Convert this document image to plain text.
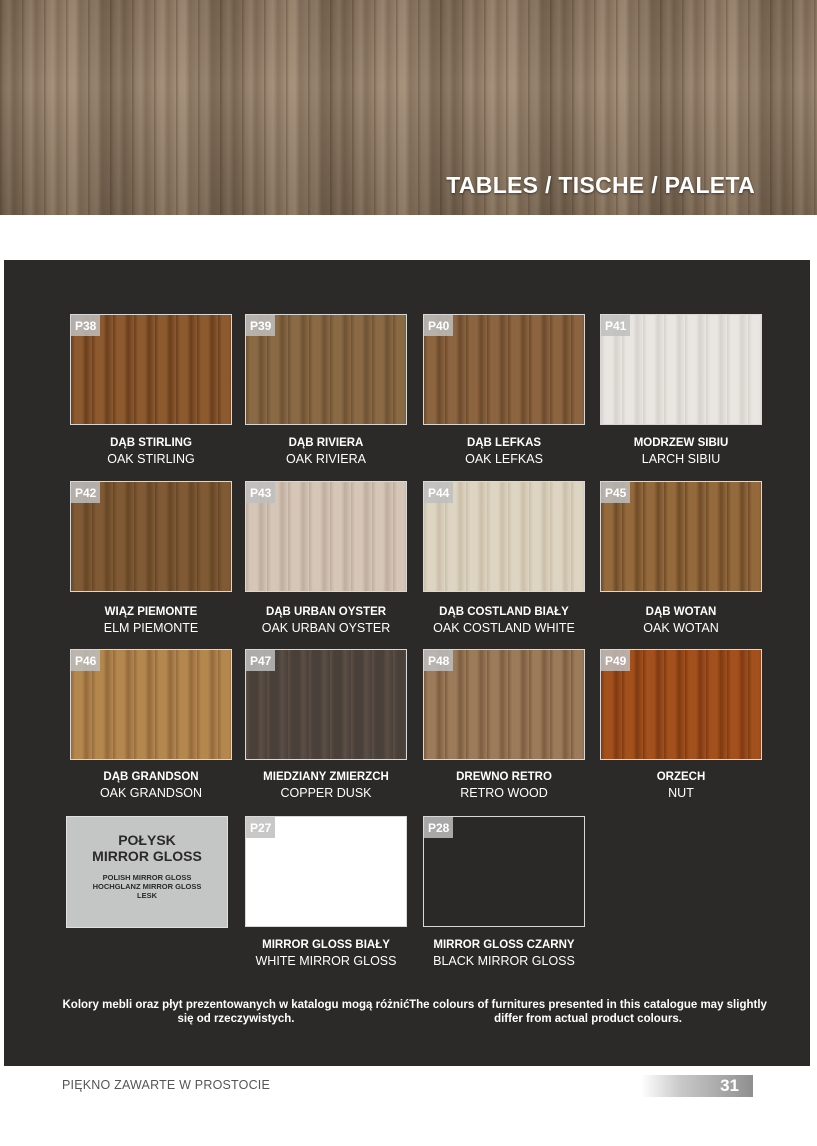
TABLES / TISCHE / PALETA
P38
DĄB STIRLING
OAK STIRLING
P39
DĄB RIVIERA
OAK RIVIERA
P40
DĄB LEFKAS
OAK LEFKAS
P41
MODRZEW SIBIU
LARCH SIBIU
P42
WIĄZ PIEMONTE
ELM PIEMONTE
P43
DĄB URBAN OYSTER
OAK URBAN OYSTER
P44
DĄB COSTLAND BIAŁY
OAK COSTLAND WHITE
P45
DĄB WOTAN
OAK WOTAN
P46
DĄB GRANDSON
OAK GRANDSON
P47
MIEDZIANY ZMIERZCH
COPPER DUSK
P48
DREWNO RETRO
RETRO WOOD
P49
ORZECH
NUT
P27
MIRROR GLOSS BIAŁY
WHITE MIRROR GLOSS
P28
MIRROR GLOSS CZARNY
BLACK MIRROR GLOSS
POŁYSK
MIRROR GLOSS
POLISH MIRROR GLOSS
HOCHGLANZ MIRROR GLOSS
LESK
Kolory mebli oraz płyt prezentowanych w katalogu mogą różnić się od rzeczywistych.
The colours of furnitures presented in this catalogue may slightly differ from actual product colours.
PIĘKNO ZAWARTE W PROSTOCIE	31
